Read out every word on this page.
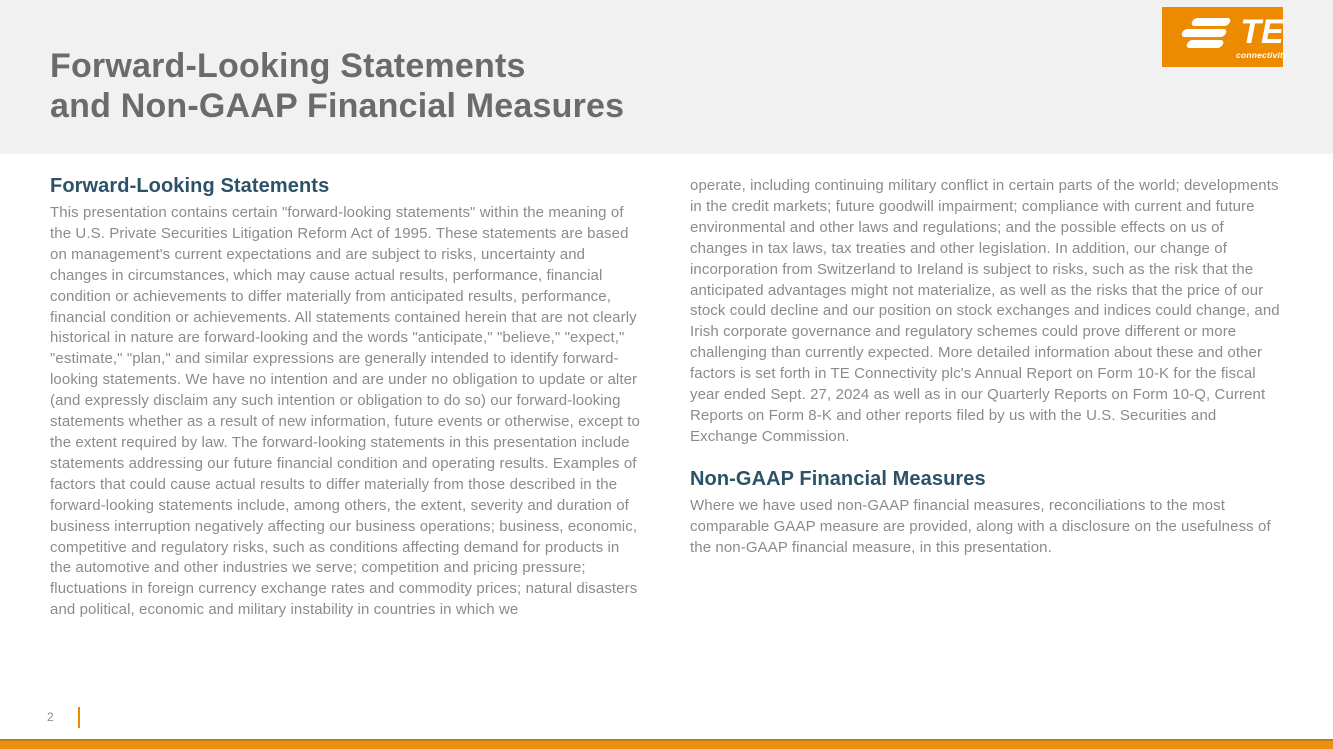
Forward-Looking Statements
and Non-GAAP Financial Measures
TE
connectivity
Forward-Looking Statements

This presentation contains certain "forward-looking statements" within the meaning of the U.S. Private Securities Litigation Reform Act of 1995. These statements are based on management's current expectations and are subject to risks, uncertainty and changes in circumstances, which may cause actual results, performance, financial condition or achievements to differ materially from anticipated results, performance, financial condition or achievements. All statements contained herein that are not clearly historical in nature are forward-looking and the words "anticipate," "believe," "expect," "estimate," "plan," and similar expressions are generally intended to identify forward-looking statements. We have no intention and are under no obligation to update or alter (and expressly disclaim any such intention or obligation to do so) our forward-looking statements whether as a result of new information, future events or otherwise, except to the extent required by law. The forward-looking statements in this presentation include statements addressing our future financial condition and operating results. Examples of factors that could cause actual results to differ materially from those described in the forward-looking statements include, among others, the extent, severity and duration of business interruption negatively affecting our business operations; business, economic, competitive and regulatory risks, such as conditions affecting demand for products in the automotive and other industries we serve; competition and pricing pressure; fluctuations in foreign currency exchange rates and commodity prices; natural disasters and political, economic and military instability in countries in which we

operate, including continuing military conflict in certain parts of the world; developments in the credit markets; future goodwill impairment; compliance with current and future environmental and other laws and regulations; and the possible effects on us of changes in tax laws, tax treaties and other legislation. In addition, our change of incorporation from Switzerland to Ireland is subject to risks, such as the risk that the anticipated advantages might not materialize, as well as the risks that the price of our stock could decline and our position on stock exchanges and indices could change, and Irish corporate governance and regulatory schemes could prove different or more challenging than currently expected. More detailed information about these and other factors is set forth in TE Connectivity plc's Annual Report on Form 10-K for the fiscal year ended Sept. 27, 2024 as well as in our Quarterly Reports on Form 10-Q, Current Reports on Form 8-K and other reports filed by us with the U.S. Securities and Exchange Commission.

Non-GAAP Financial Measures

Where we have used non-GAAP financial measures, reconciliations to the most comparable GAAP measure are provided, along with a disclosure on the usefulness of the non-GAAP financial measure, in this presentation.

2
